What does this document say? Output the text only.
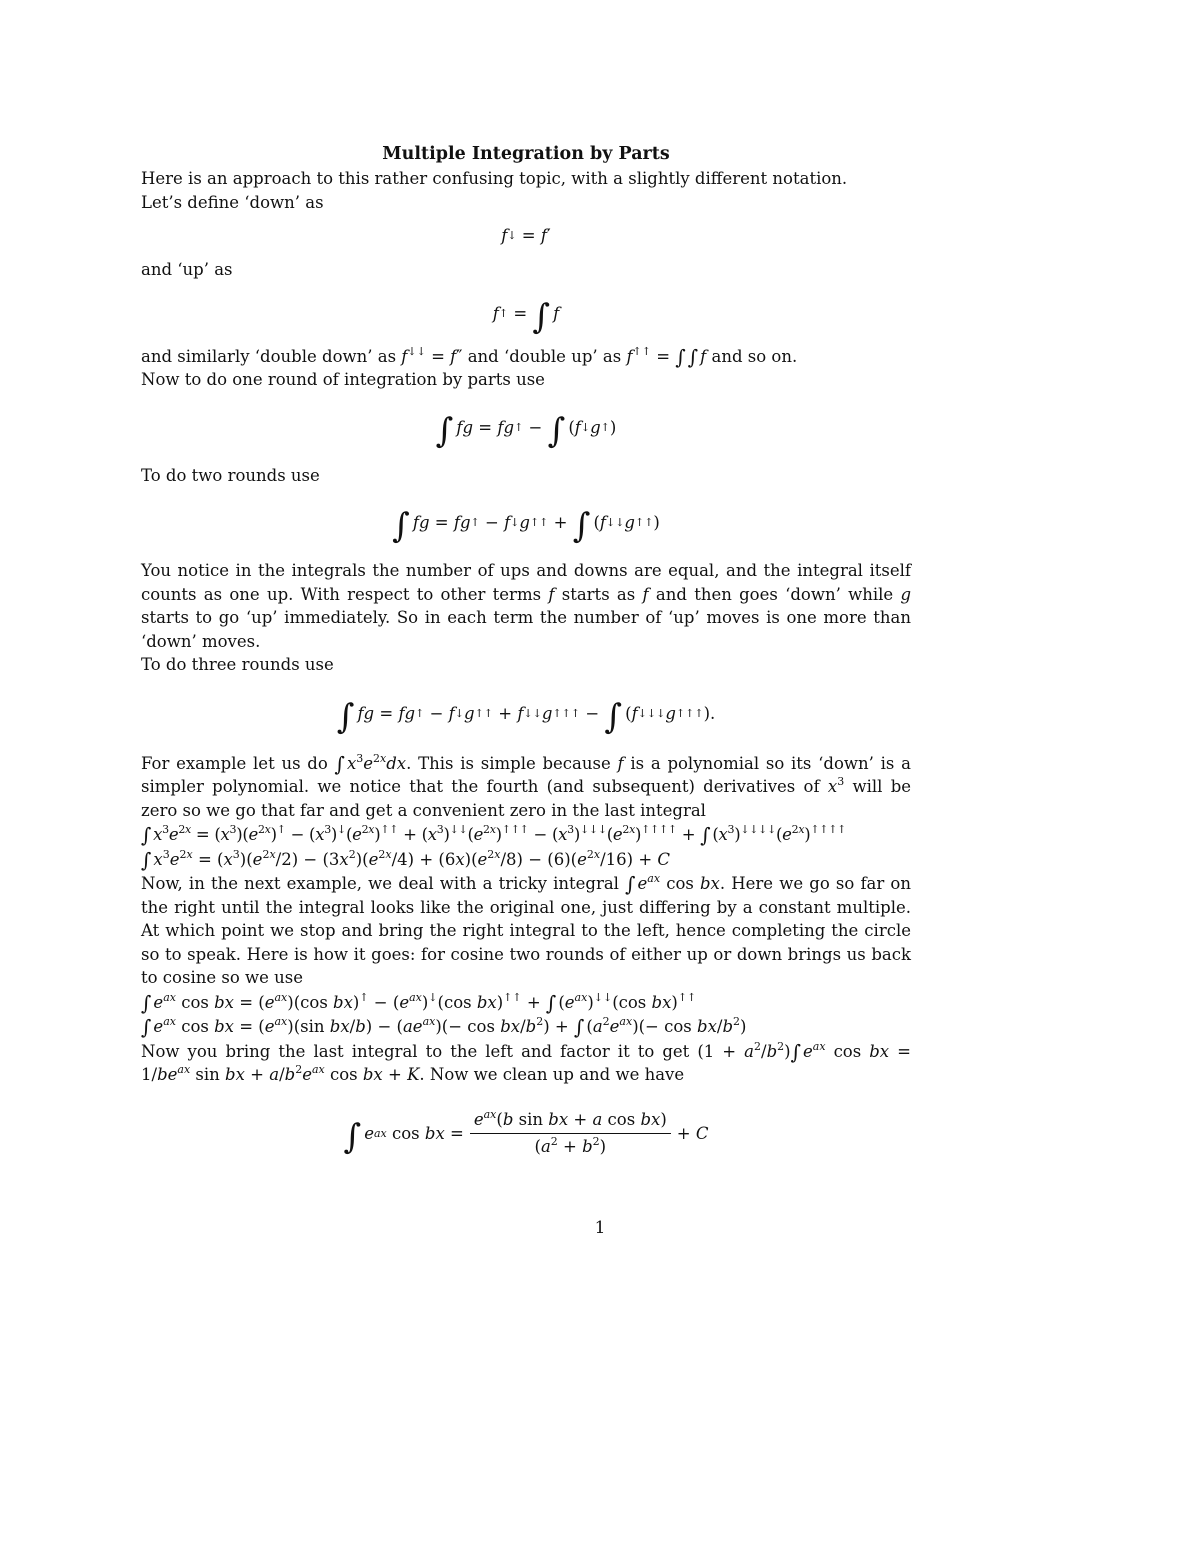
Multiple Integration by Parts

Here is an approach to this rather confusing topic, with a slightly different notation.
Let’s define ‘down’ as

f ↓ = f ′

and ‘up’ as

f ↑ = ∫ f

and similarly ‘double down’ as f↓↓ = f″ and ‘double up’ as f↑↑ = ∫ ∫ f and so on.
Now to do one round of integration by parts use

∫ fg = fg ↑ − ∫ ( f ↓ g ↑ )

To do two rounds use

∫ fg = fg ↑ − f ↓ g ↑↑ + ∫ ( f ↓↓ g ↑↑ )

You notice in the integrals the number of ups and downs are equal, and the integral itself counts as one up. With respect to other terms f starts as f and then goes ‘down’ while g starts to go ‘up’ immediately. So in each term the number of ‘up’ moves is one more than ‘down’ moves.
To do three rounds use

∫ fg = fg ↑ − f ↓ g ↑↑ + f ↓↓ g ↑↑↑ − ∫ ( f ↓↓↓ g ↑↑↑ ).

For example let us do ∫ $x^3e^{2x}dx$. This is simple because f is a polynomial so its ‘down’ is a simpler polynomial. we notice that the fourth (and subsequent) derivatives of $x^3$ will be zero so we go that far and get a convenient zero in the last integral

∫ $x^3e^{2x} = (x^3)(e^{2x})^↑ - (x^3)^↓(e^{2x})^{↑↑} + (x^3)^{↓↓}(e^{2x})^{↑↑↑} - (x^3)^{↓↓↓}(e^{2x})^{↑↑↑↑}$ + ∫ $(x^3)^{↓↓↓↓}(e^{2x})^{↑↑↑↑}$
∫ $x^3e^{2x} = (x^3)(e^{2x}/2) - (3x^2)(e^{2x}/4) + (6x)(e^{2x}/8) - (6)(e^{2x}/16) + C$

Now, in the next example, we deal with a tricky integral ∫ $e^{ax}$ cos bx. Here we go so far on the right until the integral looks like the original one, just differing by a constant multiple. At which point we stop and bring the right integral to the left, hence completing the circle so to speak. Here is how it goes: for cosine two rounds of either up or down brings us back to cosine so we use

∫ $e^{ax}$ cos bx = $(e^{ax})(\cos$ $bx)^↑ - (e^{ax})^↓(\cos$ bx)↑↑ + ∫ $(e^{ax})^{↓↓}(\cos$ bx)↑↑
∫ $e^{ax}$ cos bx = $(e^{ax})(\sin$ $bx/b) - (ae^{ax})(- \cos bx/b^2)$ + ∫ $(a^2e^{ax})(- \cos bx/b^2)$

Now you bring the last integral to the left and factor it to get $(1 + a^2/b^2)\int$ $e^{ax}$ cos bx = $1/be^{ax}$ sin bx + $a/b^2e^{ax}$ cos bx + K. Now we clean up and we have

∫ e ax cos bx = $\frac{e^{ax}(b \sin bx + a \cos bx)}{(a^2 + b^2)} + C$
1
